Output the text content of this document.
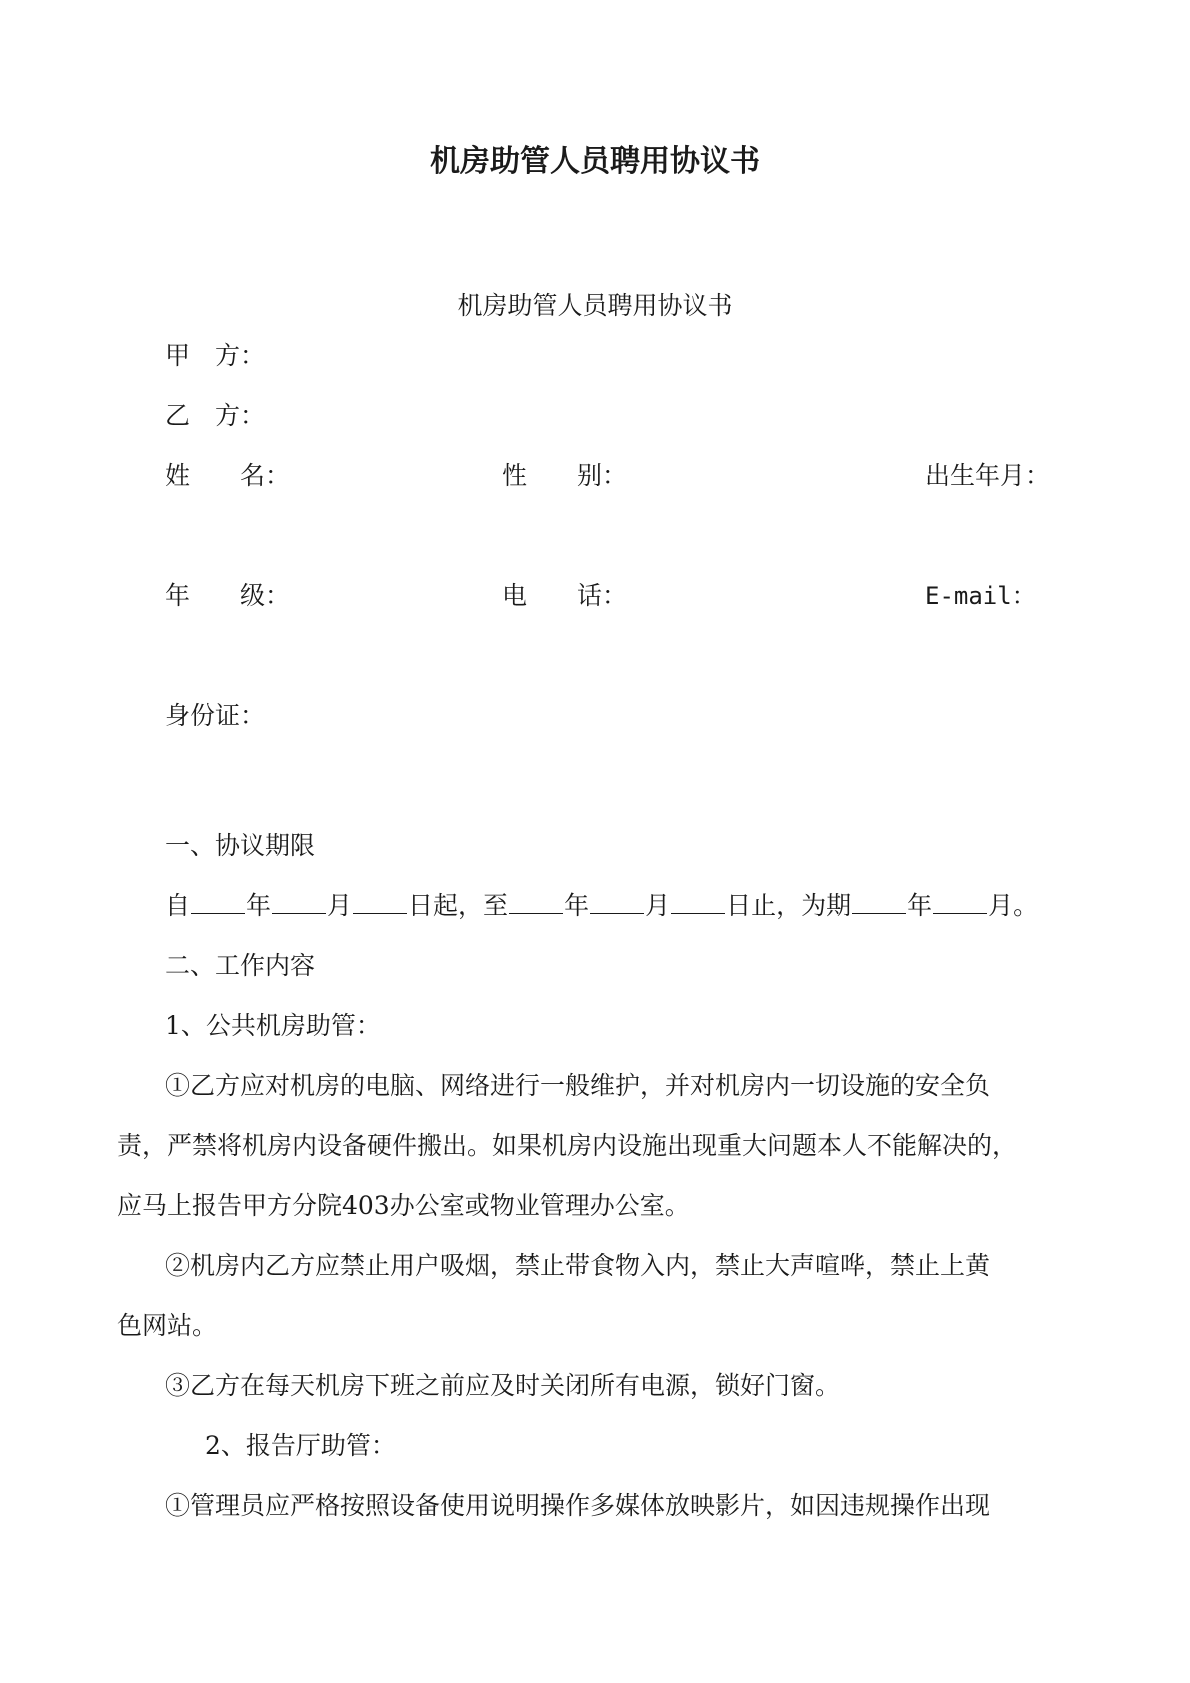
机房助管人员聘用协议书
机房助管人员聘用协议书
甲　方：
乙　方：
姓　　名：	性　　别：	出生年月：
年　　级：	电　　话：	E-mail：
身份证：
一、协议期限
自 年 月 日起，至 年 月 日止，为期 年 月。
二、工作内容
1、公共机房助管：
①乙方应对机房的电脑、网络进行一般维护，并对机房内一切设施的安全负
责，严禁将机房内设备硬件搬出。如果机房内设施出现重大问题本人不能解决的，
应马上报告甲方分院403办公室或物业管理办公室。
②机房内乙方应禁止用户吸烟，禁止带食物入内，禁止大声喧哗，禁止上黄
色网站。
③乙方在每天机房下班之前应及时关闭所有电源，锁好门窗。
2、报告厅助管：
①管理员应严格按照设备使用说明操作多媒体放映影片，如因违规操作出现
